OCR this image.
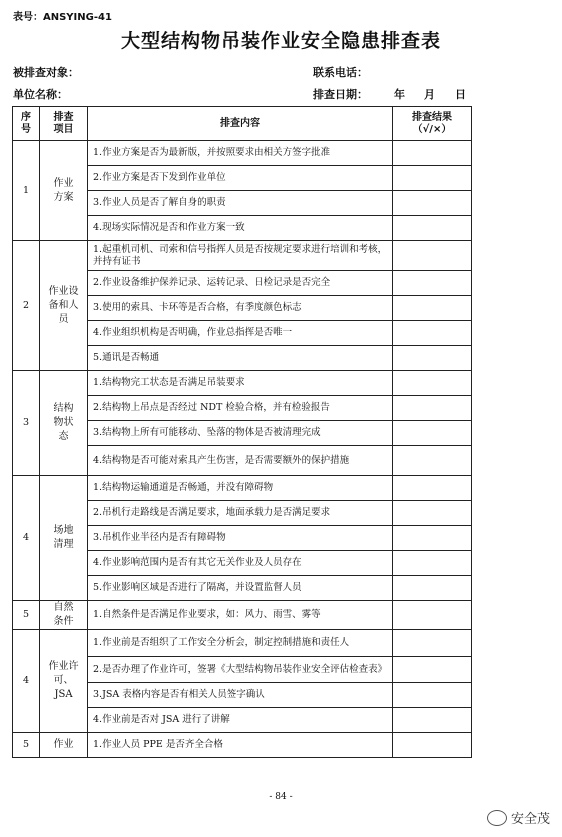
表号：ANSYING-41
大型结构物吊装作业安全隐患排查表
被排查对象：	联系电话：
单位名称：	排查日期： 年 月 日
序号	排查项目	排查内容	排查结果（√/×）

1	作业方案	1.作业方案是否为最新版，并按照要求由相关方签字批准	
		2.作业方案是否下发到作业单位	
		3.作业人员是否了解自身的职责	
		4.现场实际情况是否和作业方案一致	
2	作业设备和人员	1.起重机司机、司索和信号指挥人员是否按规定要求进行培训和考核，并持有证书	
		2.作业设备维护保养记录、运转记录、日检记录是否完全	
		3.使用的索具、卡环等是否合格，有季度颜色标志	
		4.作业组织机构是否明确，作业总指挥是否唯一	
		5.通讯是否畅通	
3	结构物状态	1.结构物完工状态是否满足吊装要求	
		2.结构物上吊点是否经过 NDT 检验合格，并有检验报告	
		3.结构物上所有可能移动、坠落的物体是否被清理完成	
		4.结构物是否可能对索具产生伤害，是否需要额外的保护措施	
4	场地清理	1.结构物运输通道是否畅通，并没有障碍物	
		2.吊机行走路线是否满足要求，地面承载力是否满足要求	
		3.吊机作业半径内是否有障碍物	
		4.作业影响范围内是否有其它无关作业及人员存在	
		5.作业影响区域是否进行了隔离，并设置监督人员	
5	自然条件	1.自然条件是否满足作业要求，如：风力、雨雪、雾等	
4	作业许可、JSA	1.作业前是否组织了工作安全分析会，制定控制措施和责任人	
		2.是否办理了作业许可，签署《大型结构物吊装作业安全评估检查表》	
		3.JSA 表格内容是否有相关人员签字确认	
		4.作业前是否对 JSA 进行了讲解	
5	作业	1.作业人员 PPE 是否齐全合格	
- 84 -
安全茂
